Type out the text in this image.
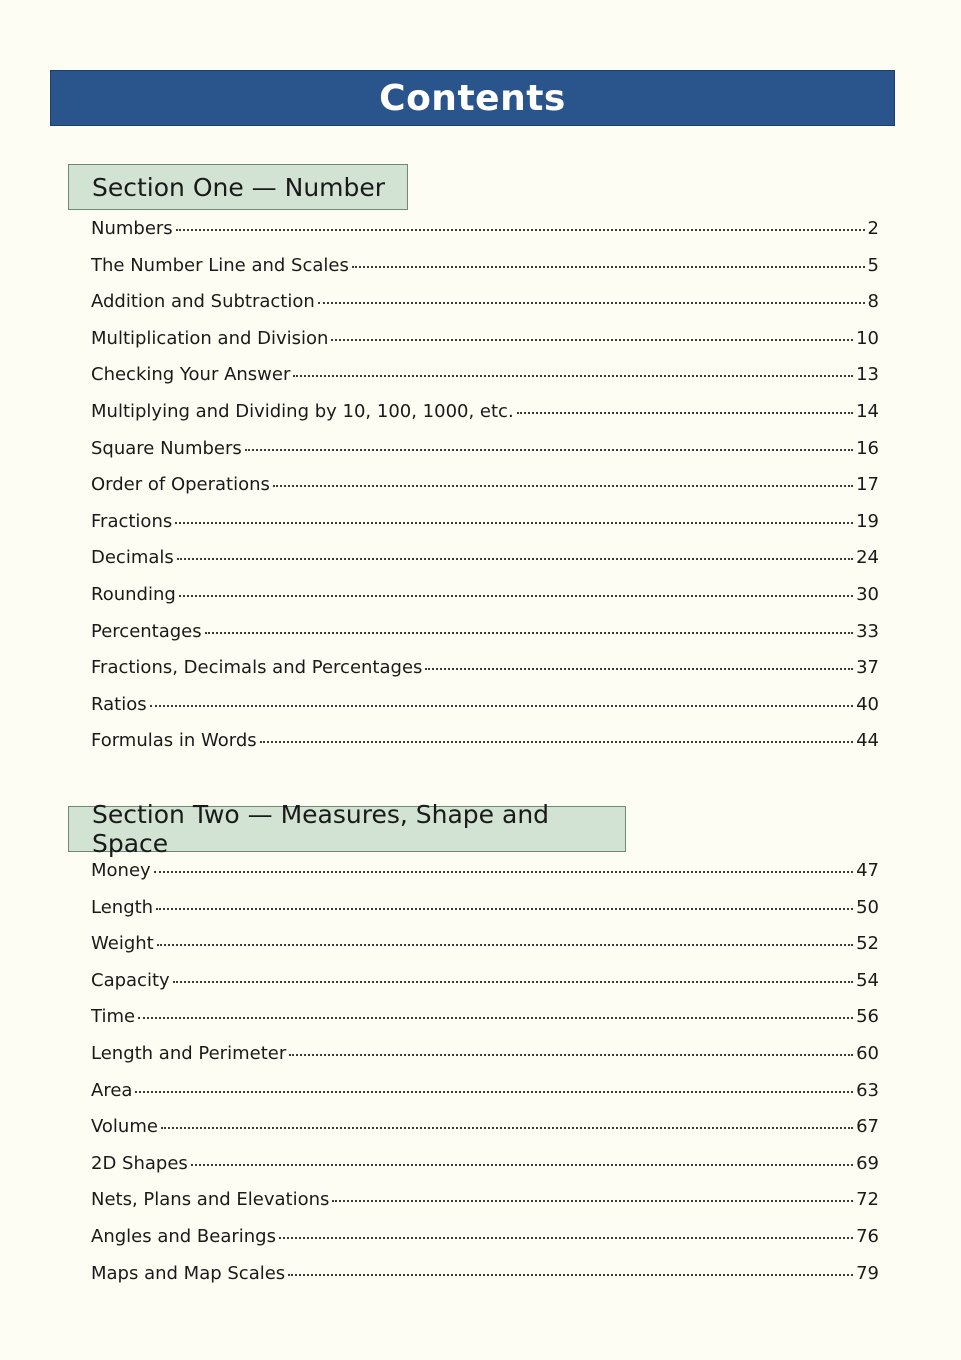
Contents
Section One — Number
Numbers	2
The Number Line and Scales	5
Addition and Subtraction	8
Multiplication and Division	10
Checking Your Answer	13
Multiplying and Dividing by 10, 100, 1000, etc.	14
Square Numbers	16
Order of Operations	17
Fractions	19
Decimals	24
Rounding	30
Percentages	33
Fractions, Decimals and Percentages	37
Ratios	40
Formulas in Words	44
Section Two — Measures, Shape and Space
Money	47
Length	50
Weight	52
Capacity	54
Time	56
Length and Perimeter	60
Area	63
Volume	67
2D Shapes	69
Nets, Plans and Elevations	72
Angles and Bearings	76
Maps and Map Scales	79
